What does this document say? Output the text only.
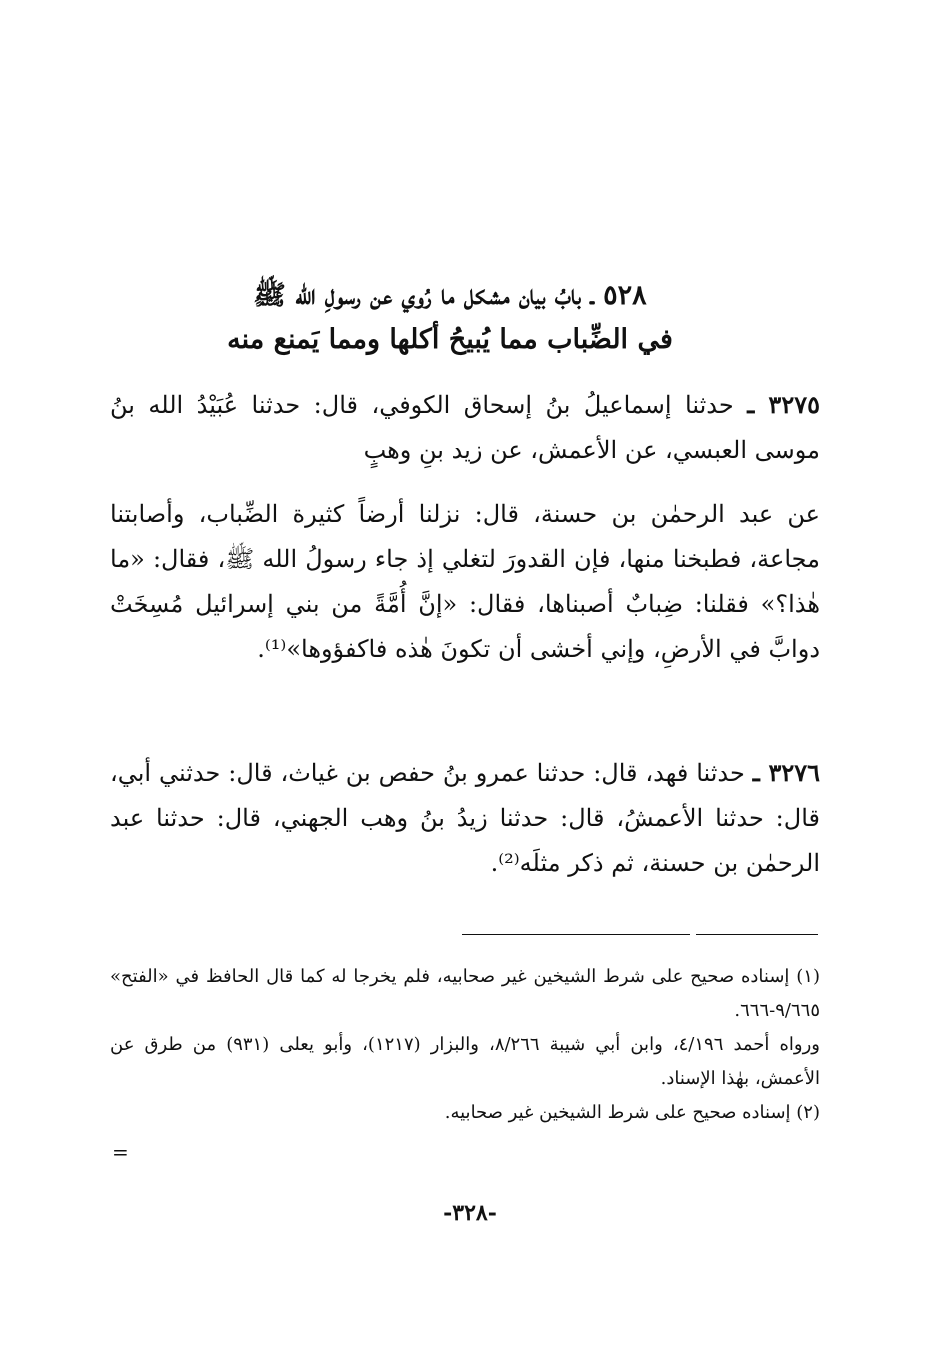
٥٢٨ ـ بابُ بيان مشكل ما رُوي عن رسولِ الله ﷺ
في الضِّباب مما يُبيحُ أكلها ومما يَمنع منه
٣٢٧٥ ـ حدثنا إسماعيلُ بنُ إسحاق الكوفي، قال: حدثنا عُبَيْدُ الله بنُ موسى العبسي، عن الأعمش، عن زيد بنِ وهبٍ
عن عبد الرحمٰن بن حسنة، قال: نزلنا أرضاً كثيرة الضِّباب، وأصابتنا مجاعة، فطبخنا منها، فإن القدورَ لتغلي إذ جاء رسولُ الله ﷺ، فقال: «ما هٰذا؟» فقلنا: ضِبابٌ أصبناها، فقال: «إنَّ أُمَّةً من بني إسرائيل مُسِخَتْ دوابَّ في الأرضِ، وإني أخشى أن تكونَ هٰذه فاكفؤوها»⁽¹⁾.
٣٢٧٦ ـ حدثنا فهد، قال: حدثنا عمرو بنُ حفص بن غياث، قال: حدثني أبي، قال: حدثنا الأعمشُ، قال: حدثنا زيدُ بنُ وهب الجهني، قال: حدثنا عبد الرحمٰن بن حسنة، ثم ذكر مثلَه⁽²⁾.

(١) إسناده صحيح على شرط الشيخين غير صحابيه، فلم يخرجا له كما قال الحافظ في «الفتح» ٩/٦٦٥-٦٦٦.

ورواه أحمد ٤/١٩٦، وابن أبي شيبة ٨/٢٦٦، والبزار (١٢١٧)، وأبو يعلى (٩٣١) من طرق عن الأعمش، بهٰذا الإسناد.

(٢) إسناده صحيح على شرط الشيخين غير صحابيه.

=
-٣٢٨-
